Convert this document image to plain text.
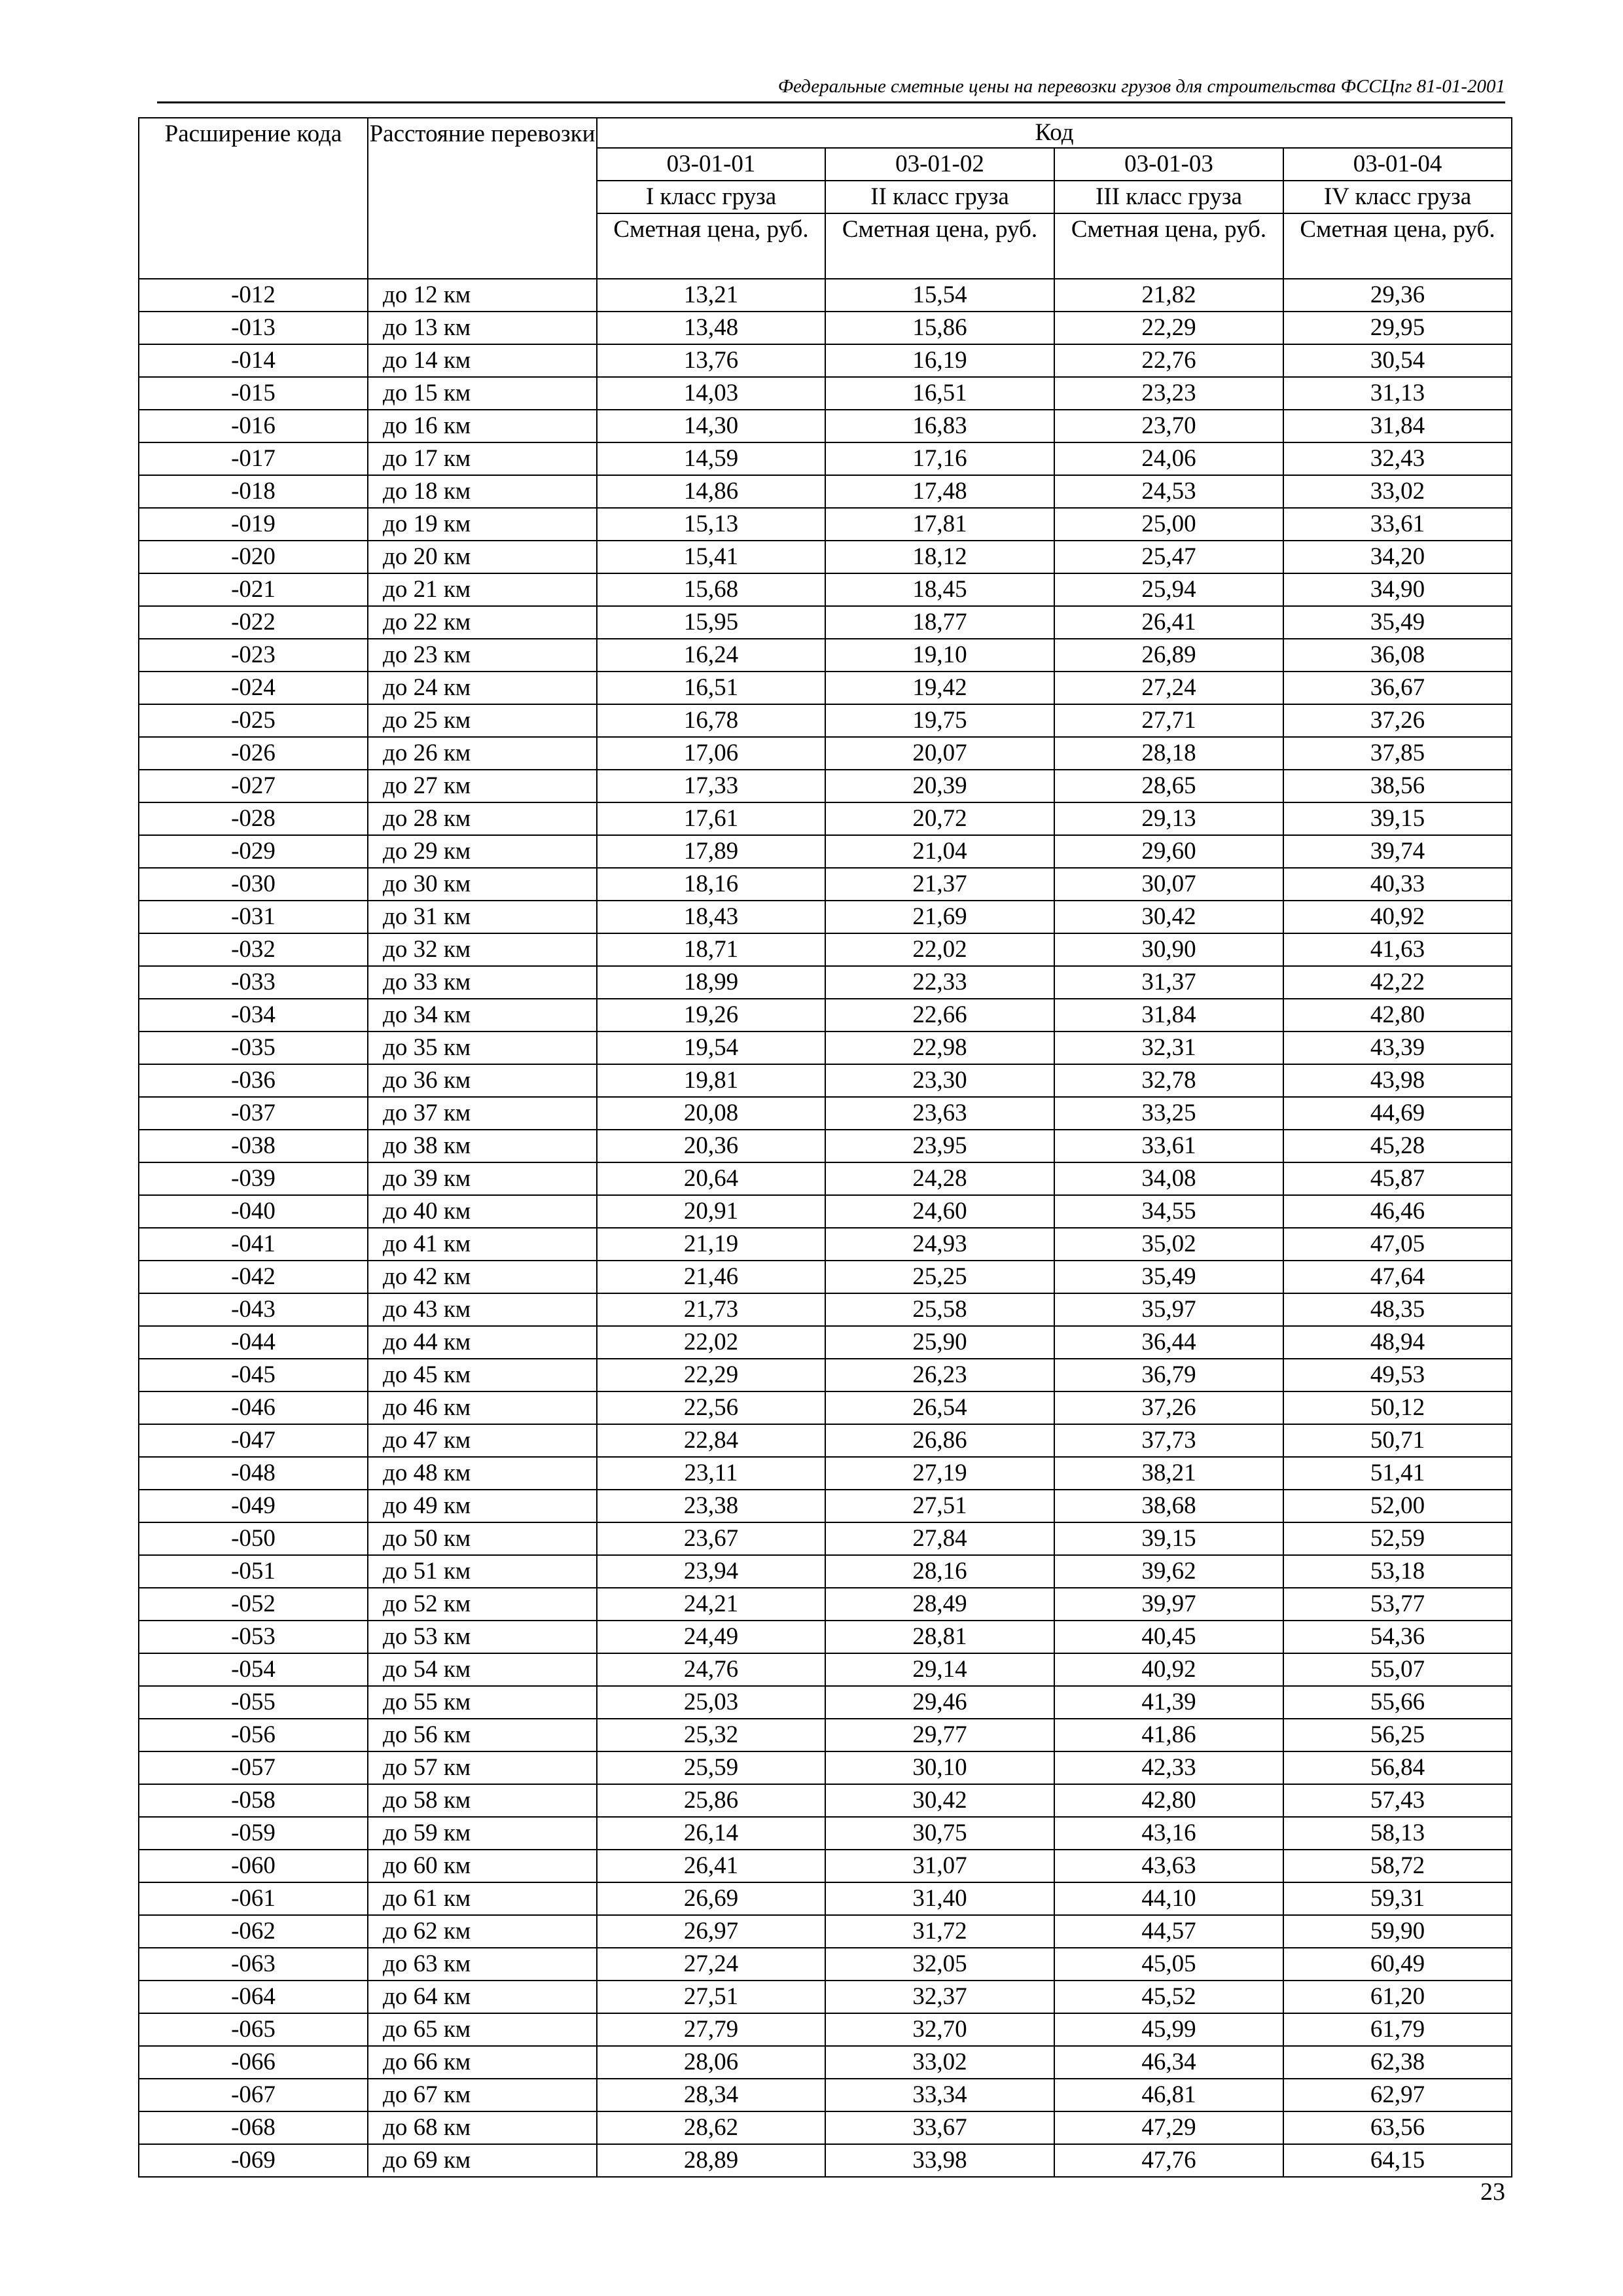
Федеральные сметные цены на перевозки грузов для строительства ФССЦпг 81-01-2001
Расширение кода	Расстояние перевозки	Код			
		03-01-01	03-01-02	03-01-03	03-01-04
		I класс груза	II класс груза	III класс груза	IV класс груза
		Сметная цена, руб.	Сметная цена, руб.	Сметная цена, руб.	Сметная цена, руб.
-012	до 12 км	13,21	15,54	21,82	29,36
-013	до 13 км	13,48	15,86	22,29	29,95
-014	до 14 км	13,76	16,19	22,76	30,54
-015	до 15 км	14,03	16,51	23,23	31,13
-016	до 16 км	14,30	16,83	23,70	31,84
-017	до 17 км	14,59	17,16	24,06	32,43
-018	до 18 км	14,86	17,48	24,53	33,02
-019	до 19 км	15,13	17,81	25,00	33,61
-020	до 20 км	15,41	18,12	25,47	34,20
-021	до 21 км	15,68	18,45	25,94	34,90
-022	до 22 км	15,95	18,77	26,41	35,49
-023	до 23 км	16,24	19,10	26,89	36,08
-024	до 24 км	16,51	19,42	27,24	36,67
-025	до 25 км	16,78	19,75	27,71	37,26
-026	до 26 км	17,06	20,07	28,18	37,85
-027	до 27 км	17,33	20,39	28,65	38,56
-028	до 28 км	17,61	20,72	29,13	39,15
-029	до 29 км	17,89	21,04	29,60	39,74
-030	до 30 км	18,16	21,37	30,07	40,33
-031	до 31 км	18,43	21,69	30,42	40,92
-032	до 32 км	18,71	22,02	30,90	41,63
-033	до 33 км	18,99	22,33	31,37	42,22
-034	до 34 км	19,26	22,66	31,84	42,80
-035	до 35 км	19,54	22,98	32,31	43,39
-036	до 36 км	19,81	23,30	32,78	43,98
-037	до 37 км	20,08	23,63	33,25	44,69
-038	до 38 км	20,36	23,95	33,61	45,28
-039	до 39 км	20,64	24,28	34,08	45,87
-040	до 40 км	20,91	24,60	34,55	46,46
-041	до 41 км	21,19	24,93	35,02	47,05
-042	до 42 км	21,46	25,25	35,49	47,64
-043	до 43 км	21,73	25,58	35,97	48,35
-044	до 44 км	22,02	25,90	36,44	48,94
-045	до 45 км	22,29	26,23	36,79	49,53
-046	до 46 км	22,56	26,54	37,26	50,12
-047	до 47 км	22,84	26,86	37,73	50,71
-048	до 48 км	23,11	27,19	38,21	51,41
-049	до 49 км	23,38	27,51	38,68	52,00
-050	до 50 км	23,67	27,84	39,15	52,59
-051	до 51 км	23,94	28,16	39,62	53,18
-052	до 52 км	24,21	28,49	39,97	53,77
-053	до 53 км	24,49	28,81	40,45	54,36
-054	до 54 км	24,76	29,14	40,92	55,07
-055	до 55 км	25,03	29,46	41,39	55,66
-056	до 56 км	25,32	29,77	41,86	56,25
-057	до 57 км	25,59	30,10	42,33	56,84
-058	до 58 км	25,86	30,42	42,80	57,43
-059	до 59 км	26,14	30,75	43,16	58,13
-060	до 60 км	26,41	31,07	43,63	58,72
-061	до 61 км	26,69	31,40	44,10	59,31
-062	до 62 км	26,97	31,72	44,57	59,90
-063	до 63 км	27,24	32,05	45,05	60,49
-064	до 64 км	27,51	32,37	45,52	61,20
-065	до 65 км	27,79	32,70	45,99	61,79
-066	до 66 км	28,06	33,02	46,34	62,38
-067	до 67 км	28,34	33,34	46,81	62,97
-068	до 68 км	28,62	33,67	47,29	63,56
-069	до 69 км	28,89	33,98	47,76	64,15
23
